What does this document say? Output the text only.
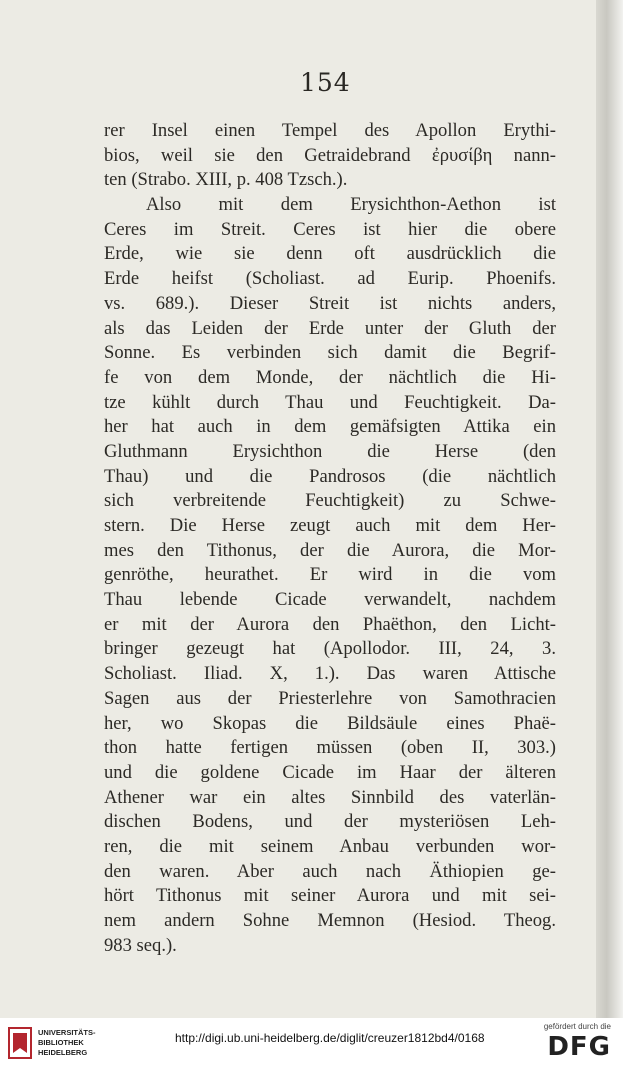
154
rer Insel einen Tempel des Apollon Erythi-
bios, weil sie den Getraidebrand ἐρυσίβη nann-
ten (Strabo. XIII, p. 408 Tzsch.).
Also mit dem Erysichthon-Aethon ist
Ceres im Streit. Ceres ist hier die obere
Erde, wie sie denn oft ausdrücklich die
Erde heifst (Scholiast. ad Eurip. Phoenifs.
vs. 689.). Dieser Streit ist nichts anders,
als das Leiden der Erde unter der Gluth der
Sonne. Es verbinden sich damit die Begrif-
fe von dem Monde, der nächtlich die Hi-
tze kühlt durch Thau und Feuchtigkeit. Da-
her hat auch in dem gemäfsigten Attika ein
Gluthmann Erysichthon die Herse (den
Thau) und die Pandrosos (die nächtlich
sich verbreitende Feuchtigkeit) zu Schwe-
stern. Die Herse zeugt auch mit dem Her-
mes den Tithonus, der die Aurora, die Mor-
genröthe, heurathet. Er wird in die vom
Thau lebende Cicade verwandelt, nachdem
er mit der Aurora den Phaëthon, den Licht-
bringer gezeugt hat (Apollodor. III, 24, 3.
Scholiast. Iliad. X, 1.). Das waren Attische
Sagen aus der Priesterlehre von Samothracien
her, wo Skopas die Bildsäule eines Phaë-
thon hatte fertigen müssen (oben II, 303.)
und die goldene Cicade im Haar der älteren
Athener war ein altes Sinnbild des vaterlän-
dischen Bodens, und der mysteriösen Leh-
ren, die mit seinem Anbau verbunden wor-
den waren. Aber auch nach Äthiopien ge-
hört Tithonus mit seiner Aurora und mit sei-
nem andern Sohne Memnon (Hesiod. Theog.
983 seq.).
UNIVERSITÄTS-
BIBLIOTHEK
HEIDELBERG
http://digi.ub.uni-heidelberg.de/diglit/creuzer1812bd4/0168
gefördert durch die
DFG
